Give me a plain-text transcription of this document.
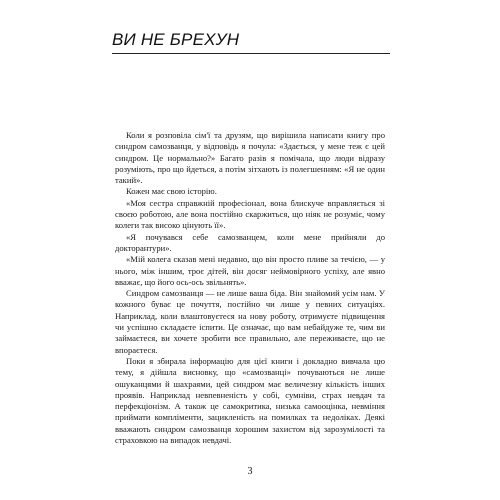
ВИ НЕ БРЕХУН

Коли я розповіла сім'ї та друзям, що вирішила написати книгу про синдром самозванця, у відповідь я почула: «Здається, у мене теж є цей синдром. Це нормально?» Багато разів я помічала, що люди відразу розуміють, про що йдеться, а потім зітхають із полегшенням: «Я не один такий».

Кожен має свою історію.

«Моя сестра справжній професіонал, вона блискуче вправляється зі своєю роботою, але вона постійно скаржиться, що ніяк не розуміє, чому колеги так високо цінують її».

«Я почувався себе самозванцем, коли мене прийняли до докторантури».

«Мій колега сказав мені недавно, що він просто пливе за течією, — у нього, між іншим, троє дітей, він досяг неймовірного успіху, але явно вважає, що його ось-ось звільнять».

Синдром самозванця — не лише ваша біда. Він знайомий усім нам. У кожного буває це почуття, постійно чи лише у певних ситуаціях. Наприклад, коли влаштовуєтеся на нову роботу, отримуєте підвищення чи успішно складаєте іспити. Це означає, що вам небайдуже те, чим ви займаєтеся, ви хочете зробити все правильно, але переживаєте, що не впораєтеся.

Поки я збирала інформацію для цієї книги і докладно вивчала цю тему, я дійшла висновку, що «самозванці» почуваються не лише ошуканцями й шахраями, цей синдром має величезну кількість інших проявів. Наприклад невпевненість у собі, сумніви, страх невдач та перфекціонізм. А також це самокритика, низька самооцінка, невміння приймати компліменти, зацикленість на помилках та недоліках. Деякі вважають синдром самозванця хорошим захистом від зарозумілості та страховкою на випадок невдачі.

3
